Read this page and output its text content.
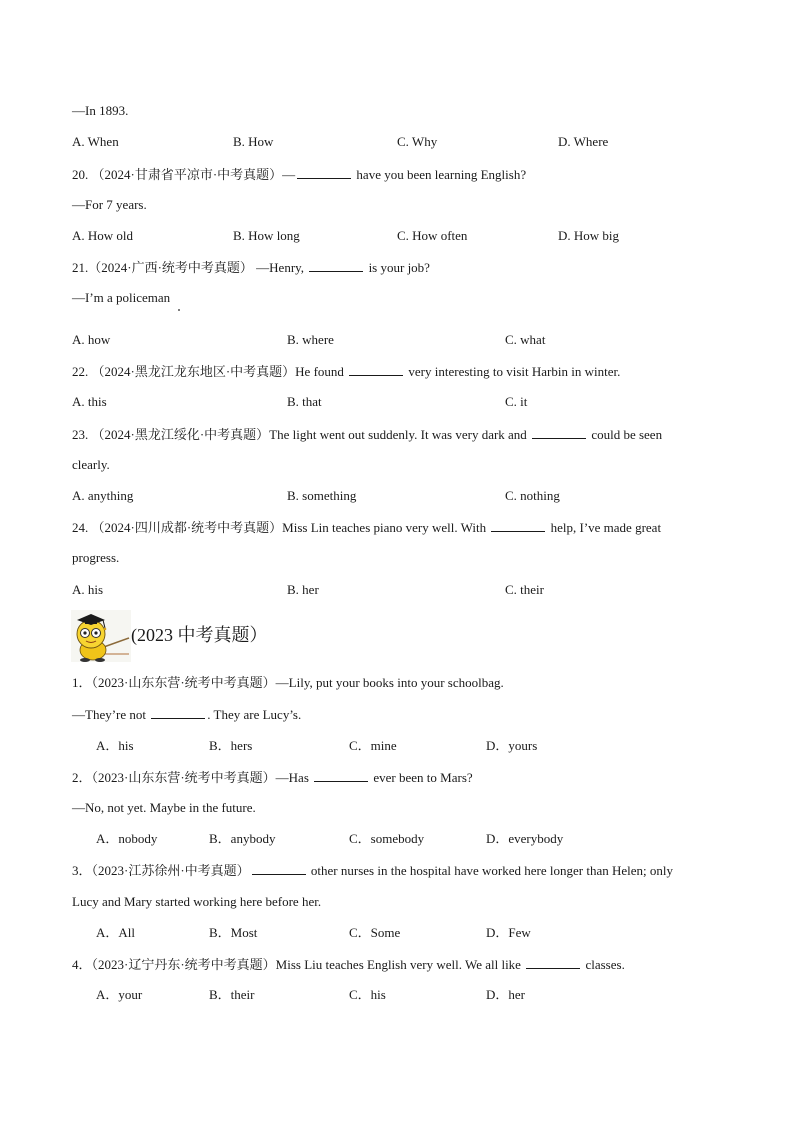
—In 1893.
A. When	B. How	C. Why	D. Where
20. （2024·甘肃省平凉市·中考真题）—	have you been learning English?
—For 7 years.
A. How old	B. How long	C. How often	D. How big
21.（2024·广西·统考中考真题） —Henry,	is your job?
—I’m a policeman
A. how	B. where	C. what
22. （2024·黑龙江龙东地区·中考真题）He found	very interesting to visit Harbin in winter.
A. this	B. that	C. it
23. （2024·黑龙江绥化·中考真题）The light went out suddenly. It was very dark and	could be seen
clearly.
A. anything	B. something	C. nothing
24. （2024·四川成都·统考中考真题）Miss Lin teaches piano very well. With	help, I’ve made great
progress.
A. his	B. her	C. their
(2023 中考真题）
1．（2023·山东东营·统考中考真题）—Lily, put your books into your schoolbag.
—They’re not	. They are Lucy’s.
A．his	B．hers	C．mine	D．yours
2．（2023·山东东营·统考中考真题）—Has	ever been to Mars?
—No, not yet. Maybe in the future.
A．nobody	B．anybody	C．somebody	D．everybody
3．（2023·江苏徐州·中考真题）	other nurses in the hospital have worked here longer than Helen; only
Lucy and Mary started working here before her.
A．All	B．Most	C．Some	D．Few
4．（2023·辽宁丹东·统考中考真题）Miss Liu teaches English very well. We all like	classes.
A．your	B．their	C．his	D．her
